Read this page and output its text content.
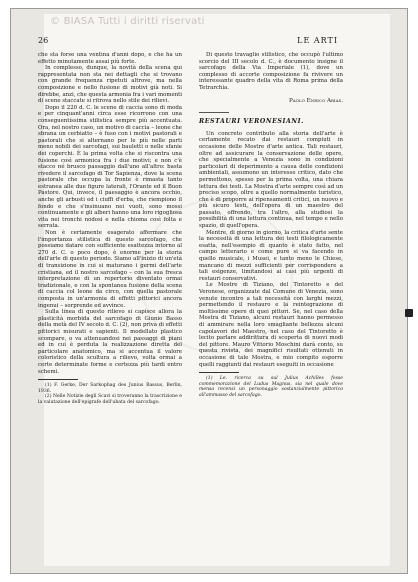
© BIASA Tutti i diritti riservati
26	LE ARTI

che sta forse una ventina d'anni dopo, e che ha un effetto minutamente assai più forte.

In complesso, dunque, la novità della scena qui rappresentata non sta nei dettagli che si trovano con grande frequenza ripetuti altrove, ma nella composizione e nello fusione di motivi già noti. Si direbbe, anzi, che questa armonia fra i vari momenti di scene staccate si ritrova nello stile dei rilievi.

Dopo il 220 d. C. le scene di caccia sono di moda e per cinquant'anni circa esse ricorrono con una conseguentissima stilistica sempre più accentuata. Ora, nel nostro caso, un motivo di caccia – leone che sbrana un cerbiatto – è fuso con i motivi pastorali e pastorali che si alternano per le più nelle parti meno nobili dei sarcofagi, sui bauletti o nelle sfanie dei coperchi. È la prima volta che si riscontra una fusione così armonica fra i due motivi; e non c'è stacco né brusco passaggio dall'uno all'altro: basta rivedere il sarcofago di Tor Sapienza, dove la scena pastorale che occupa la fronte è rimasta tanto estranea alle due figure laterali, l'Orante ed il Buon Pastore. Qui, invece, il paesaggio è ancora occhio, anche gli arbusti ed i ciuffi d'erba, che riempiono il fondo e che s'insinuano nei vuoti, sono mossi continuamente e gli alberi hanno una loro rigogliosa vita nei tronchi nodosi e nella chioma così folta e serrata.

Non è certamente esagerato affermare che l'importanza stilistica di questo sarcofago, che possiamo datare con sufficiente esattezza intorno al 270 d. C. o poco dopo, è enorme per la storia dell'arte di questo periodo. Siamo all'inizio di un'età di transizione in cui si maturano i germi dell'arte cristiana, ed il nostro sarcofago – con la sua fresca interpretazione di un repertorio diventato ormai tradizionale, e con la spontanea fusione della scena di caccia col leone da circo, con quella pastorale composta in un'armonia di effetti pittorici ancora ingenui – sorprende ed avvince.

Sulla linea di questo rilievo si capisce allora la plasticità morbida del sarcofago di Giunio Basso della metà del IV secolo d. C. (2), non priva di effetti pittorici misurati e sapienti. Il modellato plastico scompare, o va attenuandosi nei passaggi di piani ed in cui è perduta la realizzazione diretta del particolare anatomico, ma si accentua il valore coloristico della scultura a rilievo, volta ormai a certe determinate forme e certezza più tardi entro schemi.

(1) F. Gerke, Der Sarkophag des Junius Bassus, Berlin, 1936.

(2) Nelle Notizie degli Scavi si troveranno la trascrizione e la valutazione dell'epigrafe dell'ubata del sarcofago.

Di questo travaglio stilistico, che occupò l'ultimo scorcio del III secolo d. C., è documento insigne il sarcofago della Via Imperiale (1), dove un complesso di accorte composizione fa rivivere un interessante quadro della vita di Roma prima della Tetrarchia.

Paolo Enrico Arias.
RESTAURI VERONESIANI.

Un concreto contributo alla storia dell'arte è certamente recato dai restauri compiuti in occasione delle Mostre d'arte antica. Tali restauri, oltre ad assicurare la conservazione delle opere, che specialmente a Venezia sono in condizioni particolari di deperimento a causa delle condizioni ambientali, assumono un interesse critico, dato che permettono, spesso per la prima volta, una chiara lettura dei testi. La Mostra d'arte sempre così ad un preciso scopo, oltre a quello normalmente turistico, che è di proporre ai ripensamenti critici, un nuovo e più sicuro testi, dell'opera di un maestro del passato, offrendo, tra l'altro, alla studiosi la possibilità di una lettura continua, nel tempo e nello spazio, di quell'opera.

Mentre, di giorno in giorno, la critica d'arte sente la necessità di una lettura dei testi filologicamente esatta, nell'esempio di quanto è stato fatto, nel campo letterario e come pure si va facendo in quello musicale, i Musei, e tanto meno le Chiese, mancano di mezzi sufficienti per corrispondere a tali esigenze, limitandosi ai casi più urgenti di restauri conservativi.

Le Mostre di Tiziano, del Tintoretto e del Veronese, organizzate dal Comune di Venezia, sono venute incontro a tali necessità con larghi mezzi, permettendo il restauro e la reintegrazione di moltissime opere di quei pittori. Se, nel caso della Mostra di Tiziano, alcuni restauri hanno permesso di ammirare nella loro smagliante bellezza alcuni capolavori del Maestro, nel caso del Tintoretto è lecito parlare addirittura di scoperta di nuovi modi del pittore. Mauro Vittorio Moschini darà conto, su questa rivista, dei magnifici risultati ottenuti in occasione di tale Mostra, e mio compito esporre quelli raggiunti dai restauri eseguiti in occasione

(1) Le. ricerca su sul Julius Achilles fosse commemorazione del Ludus Magnus, sia nel quale dove mensa recensi un personaggio sostanzialmente pittorico all'ammasso del sarcofago.
